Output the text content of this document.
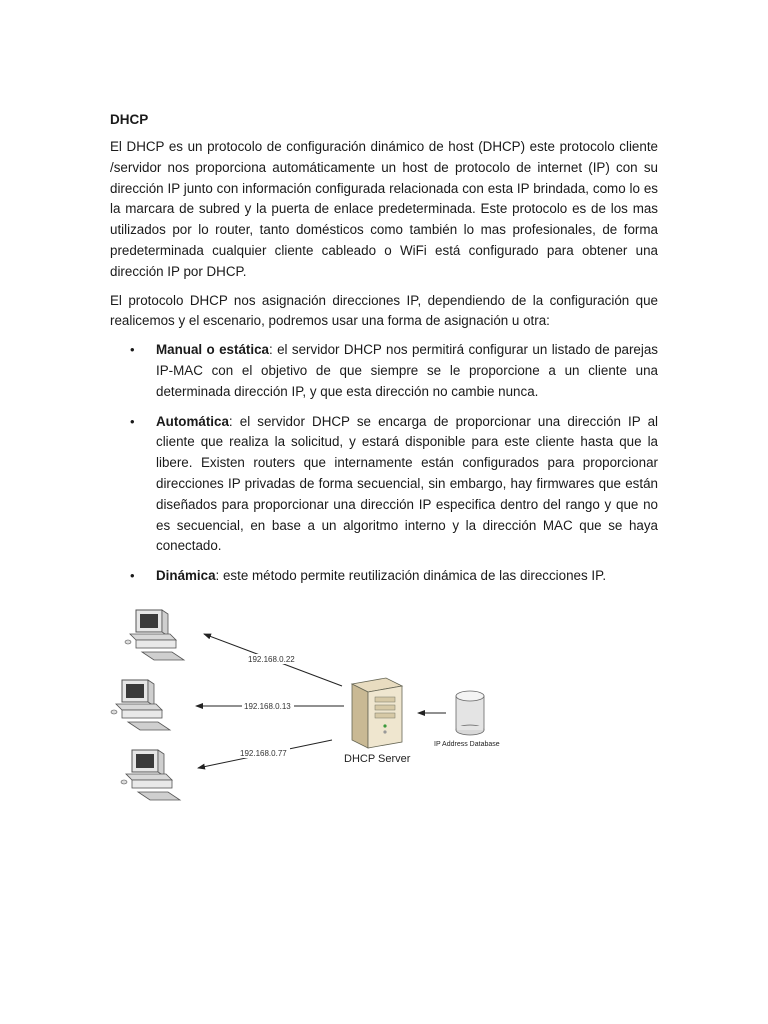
DHCP

El DHCP es un protocolo de configuración dinámico de host (DHCP) este protocolo cliente /servidor nos proporciona automáticamente un host de protocolo de internet (IP) con su dirección IP junto con información configurada relacionada con esta IP brindada, como lo es la marcara de subred y la puerta de enlace predeterminada. Este protocolo es de los mas utilizados por lo router, tanto domésticos como también lo mas profesionales, de forma predeterminada cualquier cliente cableado o WiFi está configurado para obtener una dirección IP por DHCP.

El protocolo DHCP nos asignación direcciones IP, dependiendo de la configuración que realicemos y el escenario, podremos usar una forma de asignación u otra:

• Manual o estática: el servidor DHCP nos permitirá configurar un listado de parejas IP-MAC con el objetivo de que siempre se le proporcione a un cliente una determinada dirección IP, y que esta dirección no cambie nunca.
• Automática: el servidor DHCP se encarga de proporcionar una dirección IP al cliente que realiza la solicitud, y estará disponible para este cliente hasta que la libere. Existen routers que internamente están configurados para proporcionar direcciones IP privadas de forma secuencial, sin embargo, hay firmwares que están diseñados para proporcionar una dirección IP especifica dentro del rango y que no es secuencial, en base a un algoritmo interno y la dirección MAC que se haya conectado.
• Dinámica: este método permite reutilización dinámica de las direcciones IP.
192.168.0.22
192.168.0.13
192.168.0.77	DHCP Server
IP Address Database
